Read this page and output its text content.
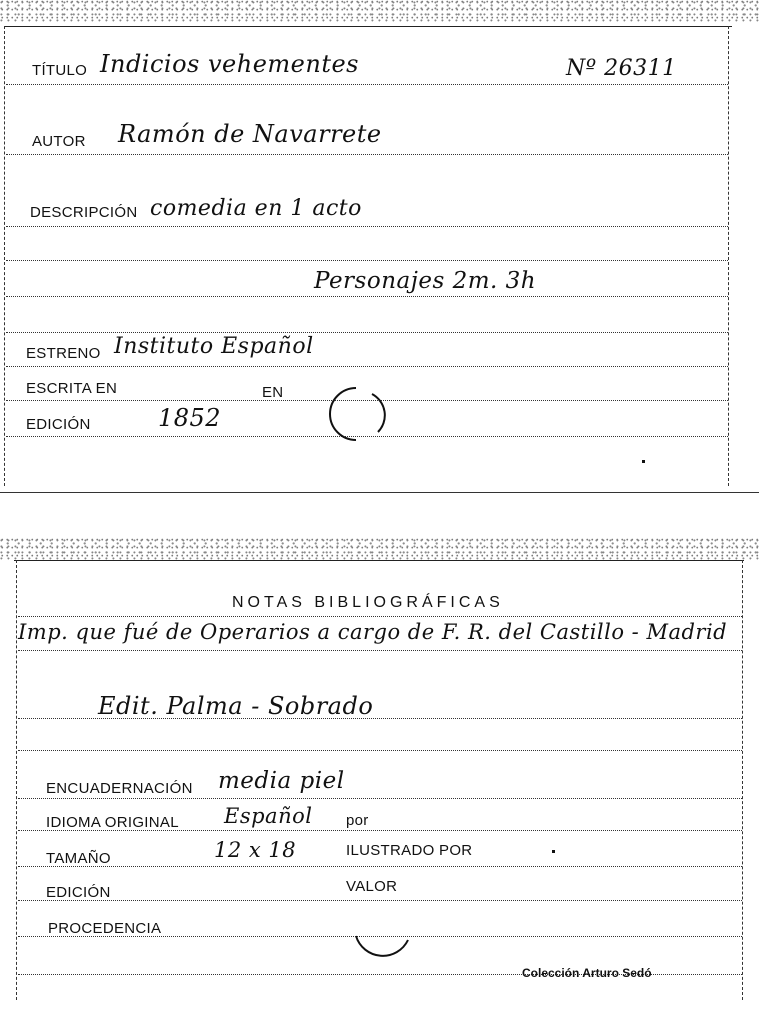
TÍTULO Indicios vehementes	Nº 26311
AUTOR Ramón de Navarrete
DESCRIPCIÓN comedia en 1 acto
Personajes 2m. 3h
ESTRENO Instituto Español
ESCRITA EN	EN
EDICIÓN	1852
NOTAS BIBLIOGRÁFICAS
Imp. que fué de Operarios a cargo de F. R. del Castillo - Madrid
Edit. Palma - Sobrado
ENCUADERNACIÓN media piel
IDIOMA ORIGINAL Español por
TAMAÑO	12 x 18	ILUSTRADO POR
EDICIÓN	VALOR
PROCEDENCIA
Colección Arturo Sedó
